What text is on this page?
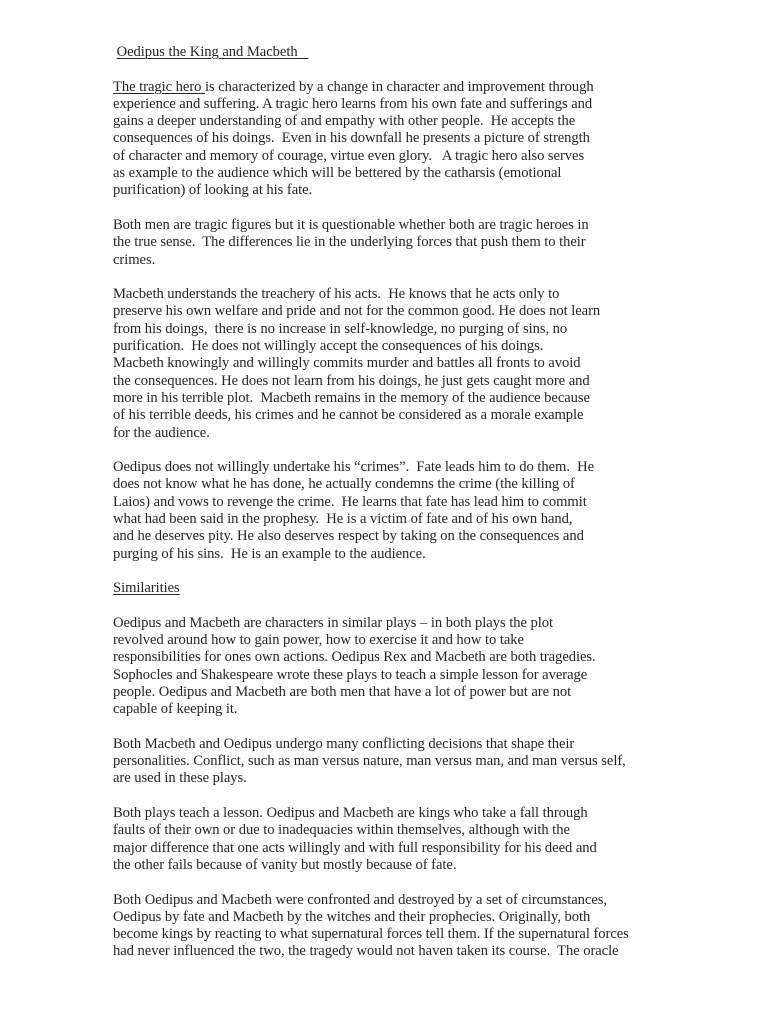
Oedipus the King and Macbeth
The tragic hero is characterized by a change in character and improvement through
experience and suffering. A tragic hero learns from his own fate and sufferings and
gains a deeper understanding of and empathy with other people.  He accepts the
consequences of his doings.  Even in his downfall he presents a picture of strength
of character and memory of courage, virtue even glory.   A tragic hero also serves
as example to the audience which will be bettered by the catharsis (emotional
purification) of looking at his fate.
Both men are tragic figures but it is questionable whether both are tragic heroes in
the true sense.  The differences lie in the underlying forces that push them to their
crimes.
Macbeth understands the treachery of his acts.  He knows that he acts only to
preserve his own welfare and pride and not for the common good. He does not learn
from his doings,  there is no increase in self-knowledge, no purging of sins, no
purification.  He does not willingly accept the consequences of his doings.
Macbeth knowingly and willingly commits murder and battles all fronts to avoid
the consequences. He does not learn from his doings, he just gets caught more and
more in his terrible plot.  Macbeth remains in the memory of the audience because
of his terrible deeds, his crimes and he cannot be considered as a morale example
for the audience.
Oedipus does not willingly undertake his “crimes”.  Fate leads him to do them.  He
does not know what he has done, he actually condemns the crime (the killing of
Laios) and vows to revenge the crime.  He learns that fate has lead him to commit
what had been said in the prophesy.  He is a victim of fate and of his own hand,
and he deserves pity. He also deserves respect by taking on the consequences and
purging of his sins.  He is an example to the audience.
Similarities
Oedipus and Macbeth are characters in similar plays – in both plays the plot
revolved around how to gain power, how to exercise it and how to take
responsibilities for ones own actions. Oedipus Rex and Macbeth are both tragedies.
Sophocles and Shakespeare wrote these plays to teach a simple lesson for average
people. Oedipus and Macbeth are both men that have a lot of power but are not
capable of keeping it.
Both Macbeth and Oedipus undergo many conflicting decisions that shape their
personalities. Conflict, such as man versus nature, man versus man, and man versus self,
are used in these plays.
Both plays teach a lesson. Oedipus and Macbeth are kings who take a fall through
faults of their own or due to inadequacies within themselves, although with the
major difference that one acts willingly and with full responsibility for his deed and
the other fails because of vanity but mostly because of fate.
Both Oedipus and Macbeth were confronted and destroyed by a set of circumstances,
Oedipus by fate and Macbeth by the witches and their prophecies. Originally, both
become kings by reacting to what supernatural forces tell them. If the supernatural forces
had never influenced the two, the tragedy would not haven taken its course.  The oracle
